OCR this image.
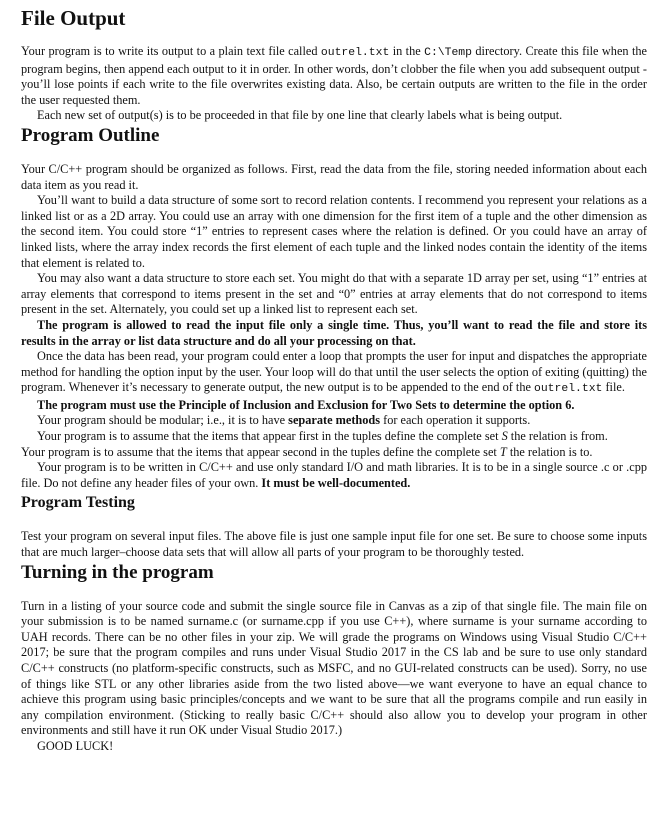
File Output

Your program is to write its output to a plain text file called outrel.txt in the C:\Temp directory. Create this file when the program begins, then append each output to it in order. In other words, don’t clobber the file when you add subsequent output - you’ll lose points if each write to the file overwrites existing data. Also, be certain outputs are written to the file in the order the user requested them.

Each new set of output(s) is to be proceeded in that file by one line that clearly labels what is being output.

Program Outline

Your C/C++ program should be organized as follows. First, read the data from the file, storing needed information about each data item as you read it.

You’ll want to build a data structure of some sort to record relation contents. I recommend you represent your relations as a linked list or as a 2D array. You could use an array with one dimension for the first item of a tuple and the other dimension as the second item. You could store “1” entries to represent cases where the relation is defined. Or you could have an array of linked lists, where the array index records the first element of each tuple and the linked nodes contain the identity of the items that element is related to.

You may also want a data structure to store each set. You might do that with a separate 1D array per set, using “1” entries at array elements that correspond to items present in the set and “0” entries at array elements that do not correspond to items present in the set. Alternately, you could set up a linked list to represent each set.

The program is allowed to read the input file only a single time. Thus, you’ll want to read the file and store its results in the array or list data structure and do all your processing on that.

Once the data has been read, your program could enter a loop that prompts the user for input and dispatches the appropriate method for handling the option input by the user. Your loop will do that until the user selects the option of exiting (quitting) the program. Whenever it’s necessary to generate output, the new output is to be appended to the end of the outrel.txt file.

The program must use the Principle of Inclusion and Exclusion for Two Sets to determine the option 6.

Your program should be modular; i.e., it is to have separate methods for each operation it supports.

Your program is to assume that the items that appear first in the tuples define the complete set S the relation is from.

Your program is to assume that the items that appear second in the tuples define the complete set T the relation is to.

Your program is to be written in C/C++ and use only standard I/O and math libraries. It is to be in a single source .c or .cpp file. Do not define any header files of your own. It must be well-documented.

Program Testing

Test your program on several input files. The above file is just one sample input file for one set. Be sure to choose some inputs that are much larger–choose data sets that will allow all parts of your program to be thoroughly tested.

Turning in the program

Turn in a listing of your source code and submit the single source file in Canvas as a zip of that single file. The main file on your submission is to be named surname.c (or surname.cpp if you use C++), where surname is your surname according to UAH records. There can be no other files in your zip. We will grade the programs on Windows using Visual Studio C/C++ 2017; be sure that the program compiles and runs under Visual Studio 2017 in the CS lab and be sure to use only standard C/C++ constructs (no platform-specific constructs, such as MSFC, and no GUI-related constructs can be used). Sorry, no use of things like STL or any other libraries aside from the two listed above—we want everyone to have an equal chance to achieve this program using basic principles/concepts and we want to be sure that all the programs compile and run easily in any compilation environment. (Sticking to really basic C/C++ should also allow you to develop your program in other environments and still have it run OK under Visual Studio 2017.)

GOOD LUCK!
